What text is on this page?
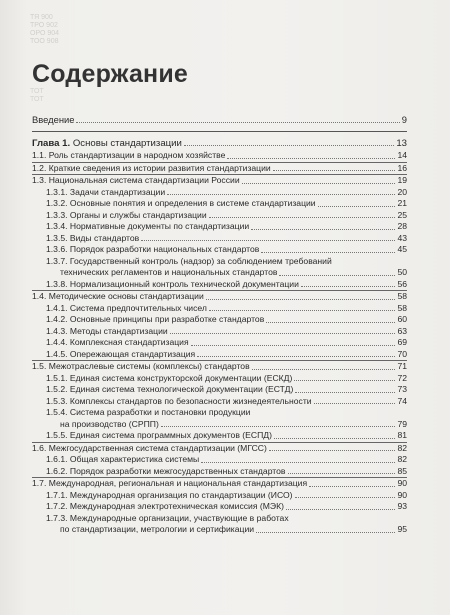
ТЯ 900
ТРО 902
ОРО 904
ТОО 908
ТОТ
ТОТ
Содержание
Введение	9
Глава 1. Основы стандартизации	13
1.1. Роль стандартизации в народном хозяйстве	14
1.2. Краткие сведения из истории развития стандартизации	16
1.3. Национальная система стандартизации России	19
1.3.1. Задачи стандартизации	20
1.3.2. Основные понятия и определения в системе стандартизации	21
1.3.3. Органы и службы стандартизации	25
1.3.4. Нормативные документы по стандартизации	28
1.3.5. Виды стандартов	43
1.3.6. Порядок разработки национальных стандартов	45
1.3.7. Государственный контроль (надзор) за соблюдением требований
технических регламентов и национальных стандартов	50
1.3.8. Нормализационный контроль технической документации	56
1.4. Методические основы стандартизации	58
1.4.1. Система предпочтительных чисел	58
1.4.2. Основные принципы при разработке стандартов	60
1.4.3. Методы стандартизации	63
1.4.4. Комплексная стандартизация	69
1.4.5. Опережающая стандартизация	70
1.5. Межотраслевые системы (комплексы) стандартов	71
1.5.1. Единая система конструкторской документации (ЕСКД)	72
1.5.2. Единая система технологической документации (ЕСТД)	73
1.5.3. Комплексы стандартов по безопасности жизнедеятельности	74
1.5.4. Система разработки и постановки продукции
на производство (СРПП)	79
1.5.5. Единая система программных документов (ЕСПД)	81
1.6. Межгосударственная система стандартизации (МГСС)	82
1.6.1. Общая характеристика системы	82
1.6.2. Порядок разработки межгосударственных стандартов	85
1.7. Международная, региональная и национальная стандартизация	90
1.7.1. Международная организация по стандартизации (ИСО)	90
1.7.2. Международная электротехническая комиссия (МЭК)	93
1.7.3. Международные организации, участвующие в работах
по стандартизации, метрологии и сертификации	95
